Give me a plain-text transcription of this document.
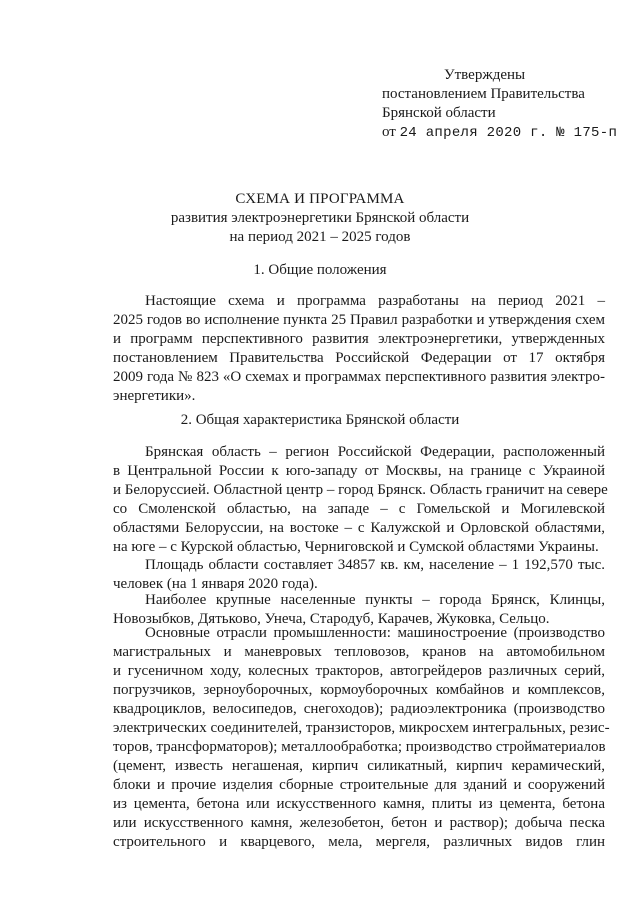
Утверждены
постановлением Правительства
Брянской области
от 24 апреля 2020 г. № 175-п
СХЕМА И ПРОГРАММА
развития электроэнергетики Брянской области
на период 2021 – 2025 годов
1. Общие положения
Настоящие схема и программа разработаны на период 2021 –
2025 годов во исполнение пункта 25 Правил разработки и утверждения схем
и программ перспективного развития электроэнергетики, утвержденных
постановлением Правительства Российской Федерации от 17 октября
2009 года № 823 «О схемах и программах перспективного развития электро-
энергетики».
2. Общая характеристика Брянской области
Брянская область – регион Российской Федерации, расположенный
в Центральной России к юго-западу от Москвы, на границе с Украиной
и Белоруссией. Областной центр – город Брянск. Область граничит на севере
со Смоленской областью, на западе – с Гомельской и Могилевской
областями Белоруссии, на востоке – с Калужской и Орловской областями,
на юге – с Курской областью, Черниговской и Сумской областями Украины.
Площадь области составляет 34857 кв. км, население – 1 192,570 тыс.
человек (на 1 января 2020 года).
Наиболее крупные населенные пункты – города Брянск, Клинцы,
Новозыбков, Дятьково, Унеча, Стародуб, Карачев, Жуковка, Сельцо.
Основные отрасли промышленности: машиностроение (производство
магистральных и маневровых тепловозов, кранов на автомобильном
и гусеничном ходу, колесных тракторов, автогрейдеров различных серий,
погрузчиков, зерноуборочных, кормоуборочных комбайнов и комплексов,
квадроциклов, велосипедов, снегоходов); радиоэлектроника (производство
электрических соединителей, транзисторов, микросхем интегральных, резис-
торов, трансформаторов); металлообработка; производство стройматериалов
(цемент, известь негашеная, кирпич силикатный, кирпич керамический,
блоки и прочие изделия сборные строительные для зданий и сооружений
из цемента, бетона или искусственного камня, плиты из цемента, бетона
или искусственного камня, железобетон, бетон и раствор); добыча песка
строительного и кварцевого, мела, мергеля, различных видов глин
